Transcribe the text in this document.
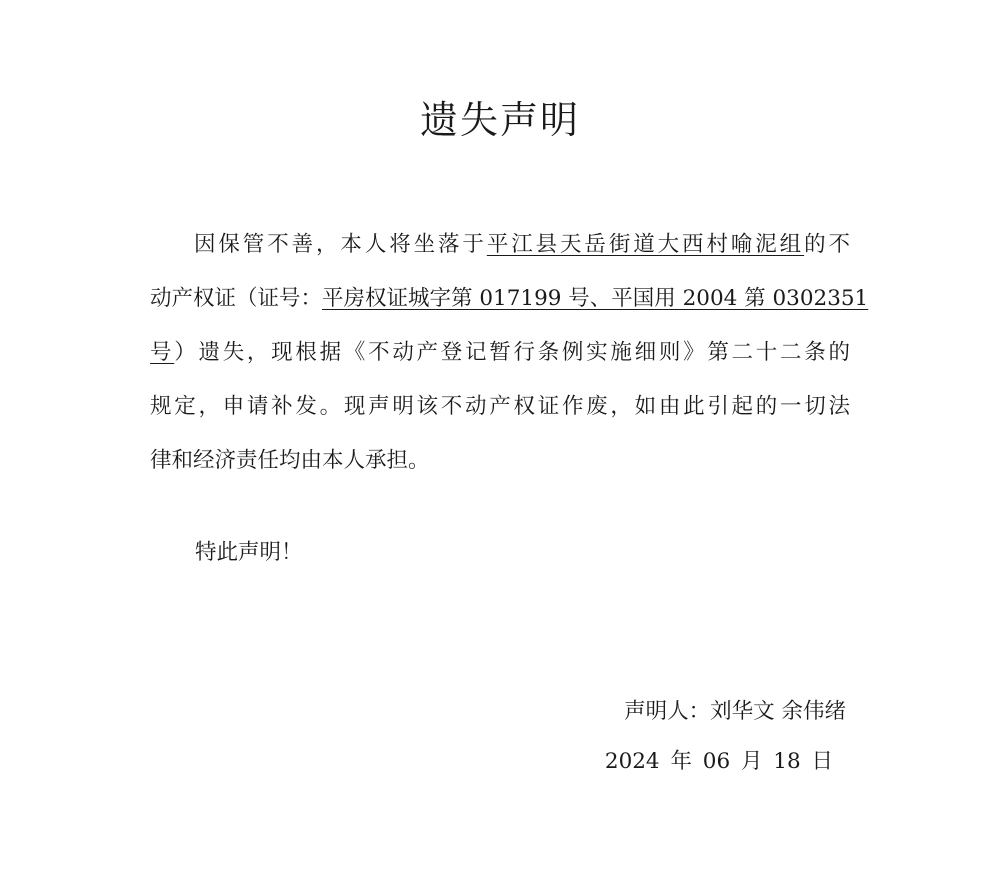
遗失声明
因保管不善，本人将坐落于平江县天岳街道大西村喻泥组的不
动产权证（证号：平房权证城字第 017199 号、平国用 2004 第 0302351
号）遗失，现根据《不动产登记暂行条例实施细则》第二十二条的
规定，申请补发。现声明该不动产权证作废，如由此引起的一切法
律和经济责任均由本人承担。
特此声明！
声明人：刘华文 余伟绪
2024 年 06 月 18 日
